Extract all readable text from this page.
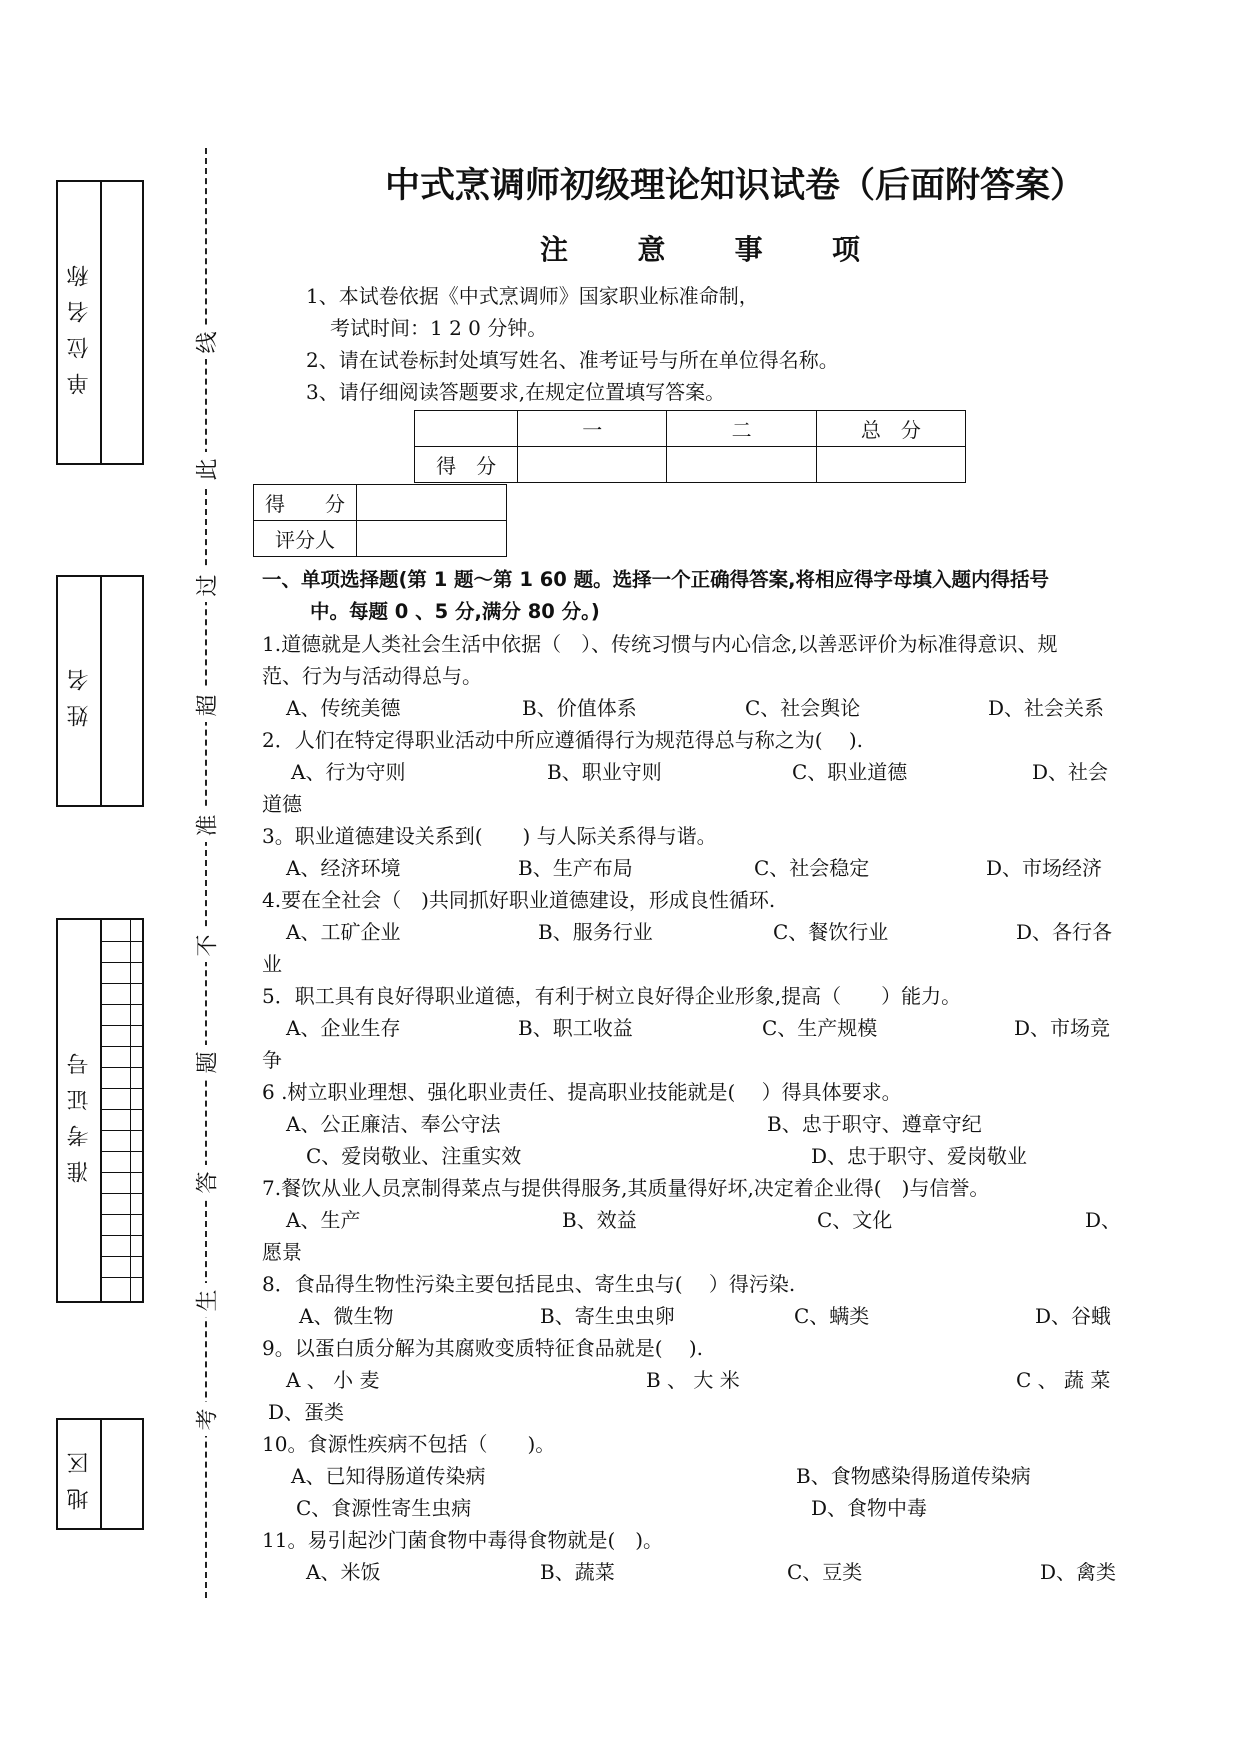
单位名称
姓名
准考证号
地区
线
此
过
超
准
不
题
答
生
考
中式烹调师初级理论知识试卷（后面附答案）
注 意 事 项
1、本试卷依据《中式烹调师》国家职业标准命制，
考试时间：1 2 0 分钟。
2、请在试卷标封处填写姓名、准考证号与所在单位得名称。
3、请仔细阅读答题要求,在规定位置填写答案。
	一	二	总　分
得　分			
得　　分	
评分人	
一、单项选择题(第 1 题～第 1 60 题。选择一个正确得答案,将相应得字母填入题内得括号
中。每题 0 、5 分,满分 80 分。)
1.道德就是人类社会生活中依据（　）、传统习惯与内心信念,以善恶评价为标准得意识、规
范、行为与活动得总与。
A、传统美德	B、价值体系	C、社会舆论	D、社会关系
2．人们在特定得职业活动中所应遵循得行为规范得总与称之为(　 ).
A、行为守则	B、职业守则	C、职业道德	D、社会
道德
3。职业道德建设关系到(　　) 与人际关系得与谐。
A、经济环境	B、生产布局	C、社会稳定	D、市场经济
4.要在全社会（　)共同抓好职业道德建设，形成良性循环.
A、工矿企业	B、服务行业	C、餐饮行业	D、各行各
业
5．职工具有良好得职业道德，有利于树立良好得企业形象,提高（　　）能力。
A、企业生存	B、职工收益	C、生产规模	D、市场竞
争
6 .树立职业理想、强化职业责任、提高职业技能就是(　 ）得具体要求。
A、公正廉洁、奉公守法	B、忠于职守、遵章守纪
C、爱岗敬业、注重实效	D、忠于职守、爱岗敬业
7.餐饮从业人员烹制得菜点与提供得服务,其质量得好坏,决定着企业得(　)与信誉。
A、生产	B、效益	C、文化	D、
愿景
8．食品得生物性污染主要包括昆虫、寄生虫与(　 ）得污染.
A、微生物	B、寄生虫虫卵	C、螨类	D、谷蛾
9。以蛋白质分解为其腐败变质特征食品就是(　 ).
A 、 小 麦	B 、 大 米	C 、 蔬 菜
D、蛋类
10。食源性疾病不包括（　　)。
A、已知得肠道传染病	B、食物感染得肠道传染病
C、食源性寄生虫病	D、食物中毒
11。易引起沙门菌食物中毒得食物就是(　)。
A、米饭	B、蔬菜	C、豆类	D、禽类
